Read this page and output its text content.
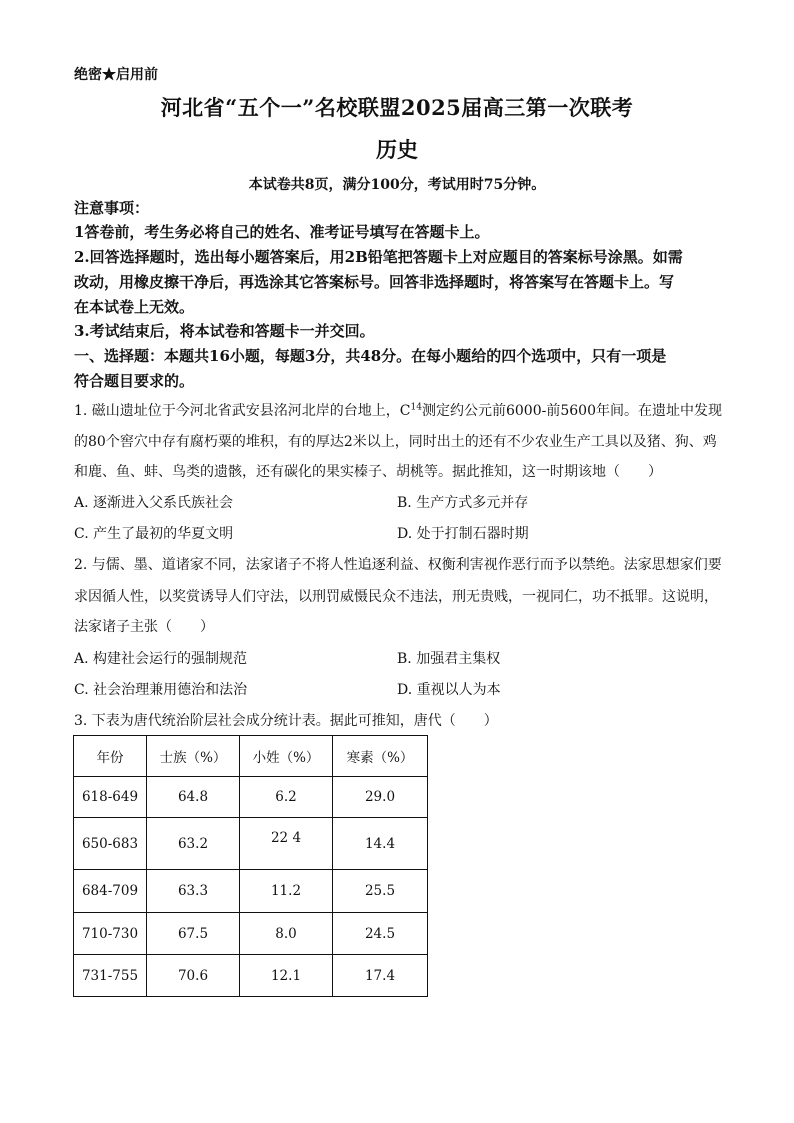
绝密★启用前
河北省“五个一”名校联盟2025届高三第一次联考
历史
本试卷共8页，满分100分，考试用时75分钟。
注意事项：
1答卷前，考生务必将自己的姓名、准考证号填写在答题卡上。
2.回答选择题时，选出每小题答案后，用2B铅笔把答题卡上对应题目的答案标号涂黑。如需
改动，用橡皮擦干净后，再选涂其它答案标号。回答非选择题时，将答案写在答题卡上。写
在本试卷上无效。
3.考试结束后，将本试卷和答题卡一并交回。
一、选择题：本题共16小题，每题3分，共48分。在每小题给的四个选项中，只有一项是
符合题目要求的。
1. 磁山遗址位于今河北省武安县洺河北岸的台地上，$C^{14}$测定约公元前6000-前5600年间。在遗址中发现
的80个窖穴中存有腐朽粟的堆积，有的厚达2米以上，同时出土的还有不少农业生产工具以及猪、狗、鸡
和鹿、鱼、蚌、鸟类的遗骸，还有碳化的果实榛子、胡桃等。据此推知，这一时期该地（　　）
A. 逐渐进入父系氏族社会	B. 生产方式多元并存
C. 产生了最初的华夏文明	D. 处于打制石器时期
2. 与儒、墨、道诸家不同，法家诸子不将人性追逐利益、权衡利害视作恶行而予以禁绝。法家思想家们要
求因循人性，以奖赏诱导人们守法，以刑罚威慑民众不违法，刑无贵贱，一视同仁，功不抵罪。这说明，
法家诸子主张（　　）
A. 构建社会运行的强制规范	B. 加强君主集权
C. 社会治理兼用德治和法治	D. 重视以人为本
3. 下表为唐代统治阶层社会成分统计表。据此可推知，唐代（　　）
年份	士族（%）	小姓（%）	寒素（%）
618-649	64.8	6.2	29.0
650-683	63.2	22 4	14.4
684-709	63.3	11.2	25.5
710-730	67.5	8.0	24.5
731-755	70.6	12.1	17.4
